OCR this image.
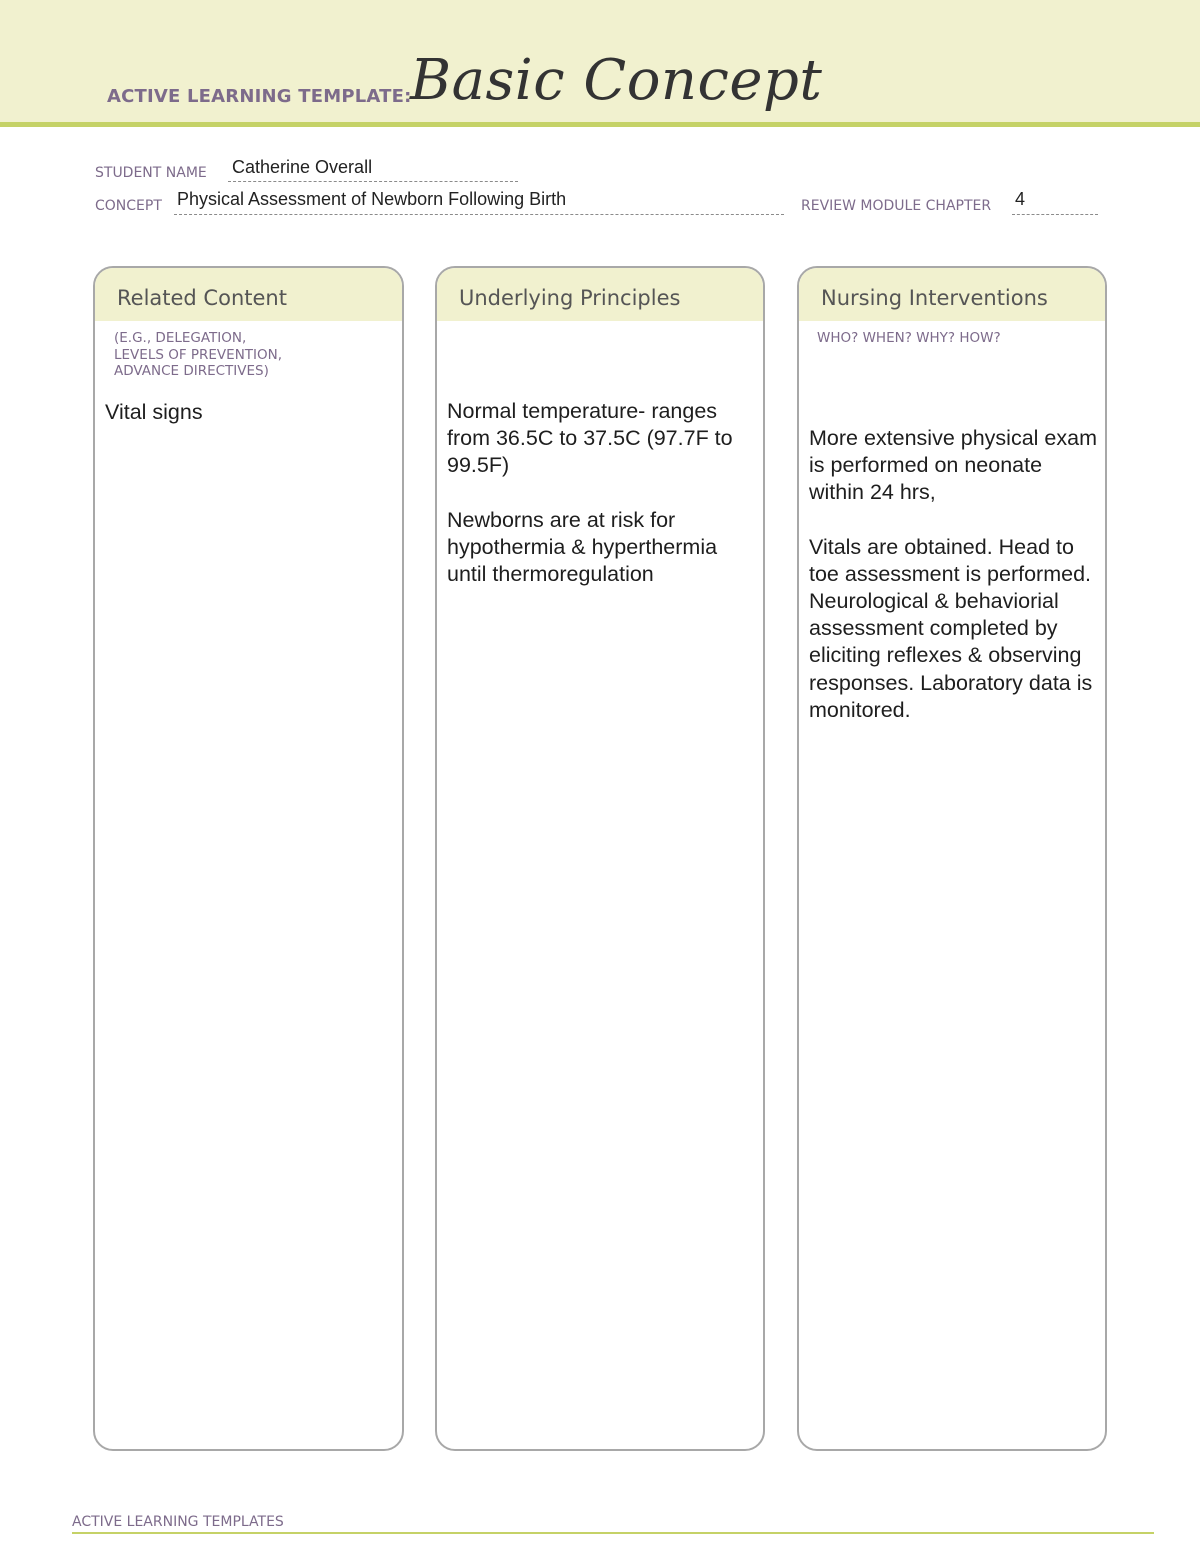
ACTIVE LEARNING TEMPLATE:
Basic Concept
STUDENT NAME Catherine Overall
CONCEPT Physical Assessment of Newborn Following Birth	REVIEW MODULE CHAPTER 4
Related Content
(E.G., DELEGATION,
LEVELS OF PREVENTION,
ADVANCE DIRECTIVES)

Vital signs

Underlying Principles

Normal temperature- ranges from 36.5C to 37.5C (97.7F to 99.5F)

Newborns are at risk for hypothermia & hyperthermia until thermoregulation

Nursing Interventions
WHO? WHEN? WHY? HOW?

More extensive physical exam is performed on neonate within 24 hrs,

Vitals are obtained. Head to toe assessment is performed. Neurological & behaviorial assessment completed by eliciting reflexes & observing responses. Laboratory data is monitored.

ACTIVE LEARNING TEMPLATES
